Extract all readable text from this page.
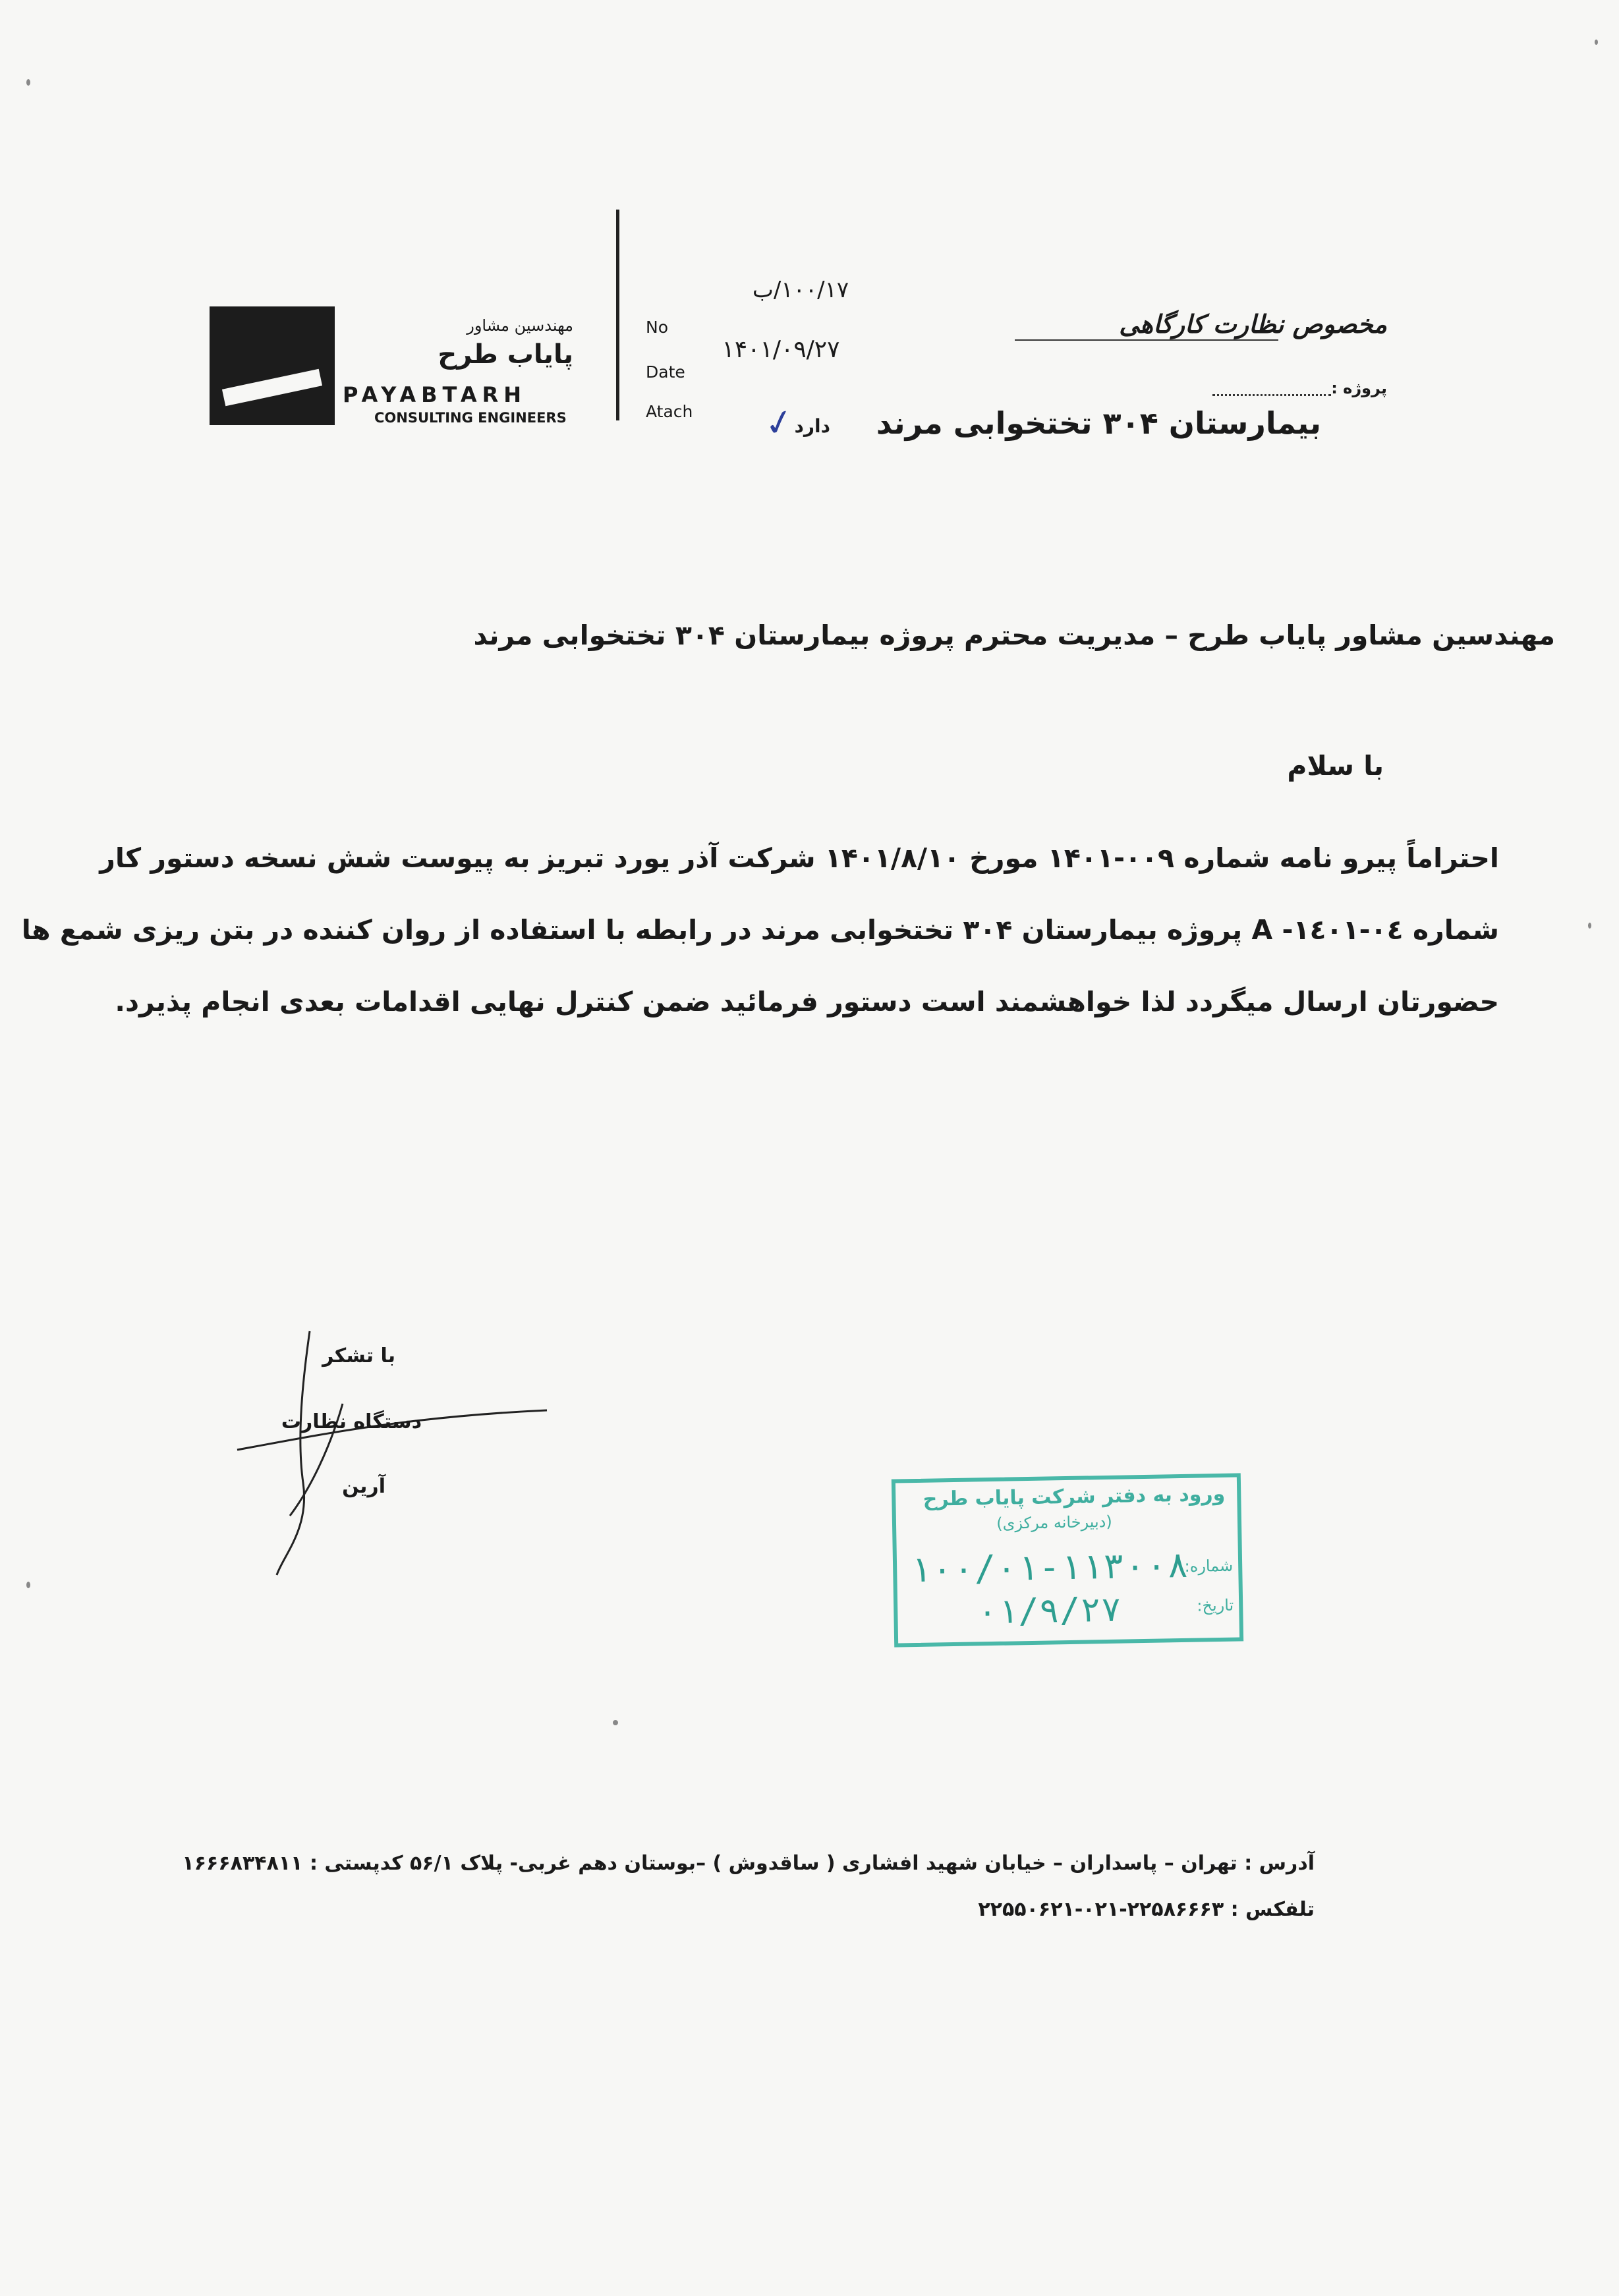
مهندسین مشاور
پایاب طرح
PAYABTARH
CONSULTING ENGINEERS
No
Date
Atach
۱۰۰/۱۷/ب
۱۴۰۱/۰۹/۲۷
دارد
✓
مخصوص نظارت کارگاهی
پروژه :
بیمارستان ۳۰۴ تختخوابی مرند
مهندسین مشاور پایاب طرح – مدیریت محترم پروژه بیمارستان ۳۰۴ تختخوابی مرند
با سلام
احتراماً پیرو نامه شماره ۰۰۹-۱۴۰۱ مورخ ۱۴۰۱/۸/۱۰ شرکت آذر یورد تبریز به پیوست شش نسخه دستور کار
شماره ۰٤-۱٤۰۱- A پروژه بیمارستان ۳۰۴ تختخوابی مرند در رابطه با استفاده از روان کننده در بتن ریزی شمع ها
حضورتان ارسال میگردد لذا خواهشمند است دستور فرمائید ضمن کنترل نهایی اقدامات بعدی انجام پذیرد.
با تشکر
دستگاه نظارت
آرین	ورود به دفتر شرکت پایاب طرح
(دبیرخانه مرکزی)
شماره:
تاریخ:
۱۰۰/۰۱-۱۱۳۰۰۸
۰۱/۹/۲۷
آدرس : تهران – پاسداران – خیابان شهید افشاری ( ساقدوش ) –بوستان دهم غربی- پلاک ۵۶/۱ کدپستی : ۱۶۶۶۸۳۴۸۱۱
تلفکس : ۲۲۵۸۶۶۶۳-۰۲۱-۲۲۵۵۰۶۲۱
